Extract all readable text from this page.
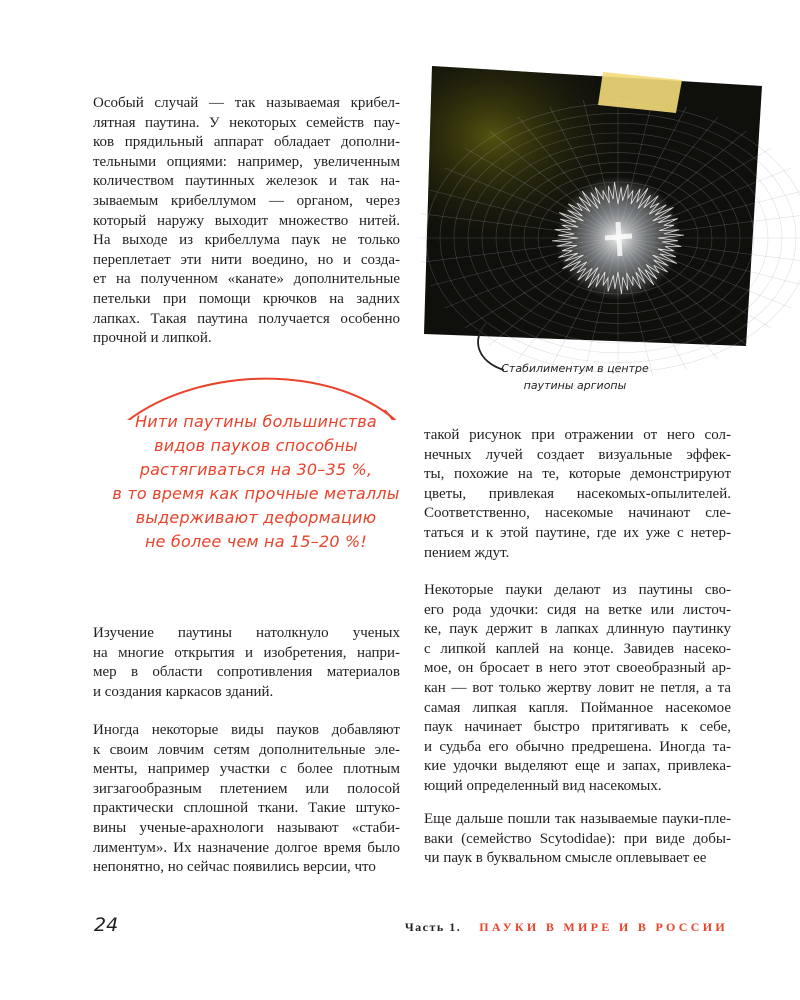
Особый случай — так называемая крибел-
лятная паутина. У некоторых семейств пау-
ков прядильный аппарат обладает дополни-
тельными опциями: например, увеличенным
количеством паутинных железок и так на-
зываемым крибеллумом — органом, через
который наружу выходит множество нитей.
На выходе из крибеллума паук не только
переплетает эти нити воедино, но и созда-
ет на полученном «канате» дополнительные
петельки при помощи крючков на задних
лапках. Такая паутина получается особенно
прочной и липкой.
Изучение паутины натолкнуло ученых
на многие открытия и изобретения, напри-
мер в области сопротивления материалов
и создания каркасов зданий.
Иногда некоторые виды пауков добавляют
к своим ловчим сетям дополнительные эле-
менты, например участки с более плотным
зигзагообразным плетением или полосой
практически сплошной ткани. Такие штуко-
вины ученые-арахнологи называют «стаби-
лиментум». Их назначение долгое время было
непонятно, но сейчас появились версии, что
такой рисунок при отражении от него сол-
нечных лучей создает визуальные эффек-
ты, похожие на те, которые демонстрируют
цветы, привлекая насекомых-опылителей.
Соответственно, насекомые начинают сле-
таться и к этой паутине, где их уже с нетер-
пением ждут.
Некоторые пауки делают из паутины сво-
его рода удочки: сидя на ветке или листоч-
ке, паук держит в лапках длинную паутинку
с липкой каплей на конце. Завидев насеко-
мое, он бросает в него этот своеобразный ар-
кан — вот только жертву ловит не петля, а та
самая липкая капля. Пойманное насекомое
паук начинает быстро притягивать к себе,
и судьба его обычно предрешена. Иногда та-
кие удочки выделяют еще и запах, привлека-
ющий определенный вид насекомых.
Еще дальше пошли так называемые пауки-пле-
ваки (семейство Scytodidae): при виде добы-
чи паук в буквальном смысле оплевывает ее
Стабилиментум в центре
паутины аргиопы
Нити паутины большинства
видов пауков способны
растягиваться на 30–35 %,
в то время как прочные металлы
выдерживают деформацию
не более чем на 15–20 %!
24	Часть 1. ПАУКИ В МИРЕ И В РОССИИ
